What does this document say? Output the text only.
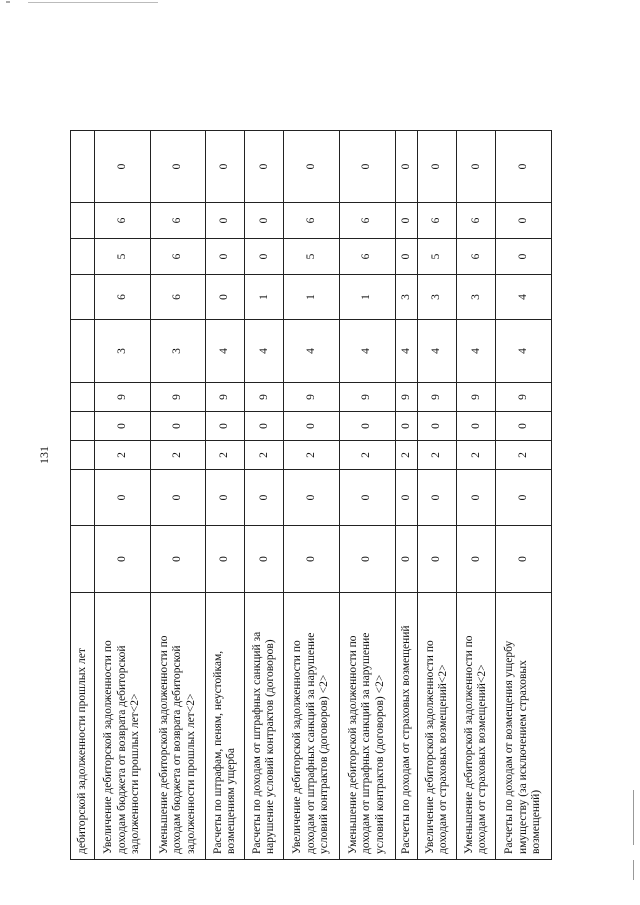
131
дебиторской задолженности прошлых лет										
Увеличение дебиторской задолженности по доходам бюджета от возврата дебиторской задолженности прошлых лет<2>	0	0	2	0	9	3	6	5	6	0
Уменьшение дебиторской задолженности по доходам бюджета от возврата дебиторской задолженности прошлых лет<2>	0	0	2	0	9	3	6	6	6	0
Расчеты по штрафам, пеням, неустойкам, возмещениям ущерба	0	0	2	0	9	4	0	0	0	0
Расчеты по доходам от штрафных санкций за нарушение условий контрактов (договоров)	0	0	2	0	9	4	1	0	0	0
Увеличение дебиторской задолженности по доходам от штрафных санкций за нарушение условий контрактов (договоров) <2>	0	0	2	0	9	4	1	5	6	0
Уменьшение дебиторской задолженности по доходам от штрафных санкций за нарушение условий контрактов (договоров) <2>	0	0	2	0	9	4	1	6	6	0
Расчеты по доходам от страховых возмещений	0	0	2	0	9	4	3	0	0	0
Увеличение дебиторской задолженности по доходам от страховых возмещений<2>	0	0	2	0	9	4	3	5	6	0
Уменьшение дебиторской задолженности по доходам от страховых возмещений<2>	0	0	2	0	9	4	3	6	6	0
Расчеты по доходам от возмещения ущербу имуществу (за исключением страховых возмещений)	0	0	2	0	9	4	4	0	0	0
